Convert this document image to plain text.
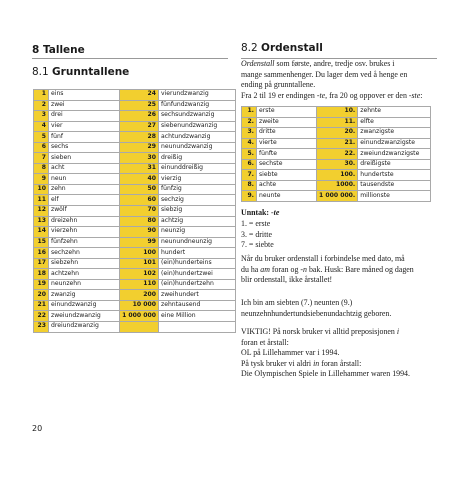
8 Tallene
8.1 Grunntallene
1	eins	24	vierundzwanzig
2	zwei	25	fünfundzwanzig
3	drei	26	sechsundzwanzig
4	vier	27	siebenundzwanzig
5	fünf	28	achtundzwanzig
6	sechs	29	neunundzwanzig
7	sieben	30	dreißig
8	acht	31	einunddreißig
9	neun	40	vierzig
10	zehn	50	fünfzig
11	elf	60	sechzig
12	zwölf	70	siebzig
13	dreizehn	80	achtzig
14	vierzehn	90	neunzig
15	fünfzehn	99	neunundneunzig
16	sechzehn	100	hundert
17	siebzehn	101	(ein)hunderteins
18	achtzehn	102	(ein)hundertzwei
19	neunzehn	110	(ein)hundertzehn
20	zwanzig	200	zweihundert
21	einundzwanzig	10 000	zehntausend
22	zweiundzwanzig	1 000 000	eine Million
23	dreiundzwanzig		
20
8.2 Ordenstall
Ordenstall som første, andre, tredje osv. brukes i
mange sammenhenger. Du lager dem ved å henge en
ending på grunntallene.
Fra 2 til 19 er endingen -te, fra 20 og oppover er den -ste:
1.	erste	10.	zehnte
2.	zweite	11.	elfte
3.	dritte	20.	zwanzigste
4.	vierte	21.	einundzwanzigste
5.	fünfte	22.	zweiundzwanzigste
6.	sechste	30.	dreißigste
7.	siebte	100.	hundertste
8.	achte	1000.	tausendste
9.	neunte	1 000 000.	millionste
Unntak: -te
1. = erste
3. = dritte
7. = siebte
Når du bruker ordenstall i forbindelse med dato, må
du ha am foran og -n bak. Husk: Bare måned og dagen
blir ordenstall, ikke årstallet!
Ich bin am siebten (7.) neunten (9.)
neunzehnhundertundsiebenundachtzig geboren.
VIKTIG! På norsk bruker vi alltid preposisjonen i
foran et årstall:
OL på Lillehammer var i 1994.
På tysk bruker vi aldri in foran årstall:
Die Olympischen Spiele in Lillehammer waren 1994.
